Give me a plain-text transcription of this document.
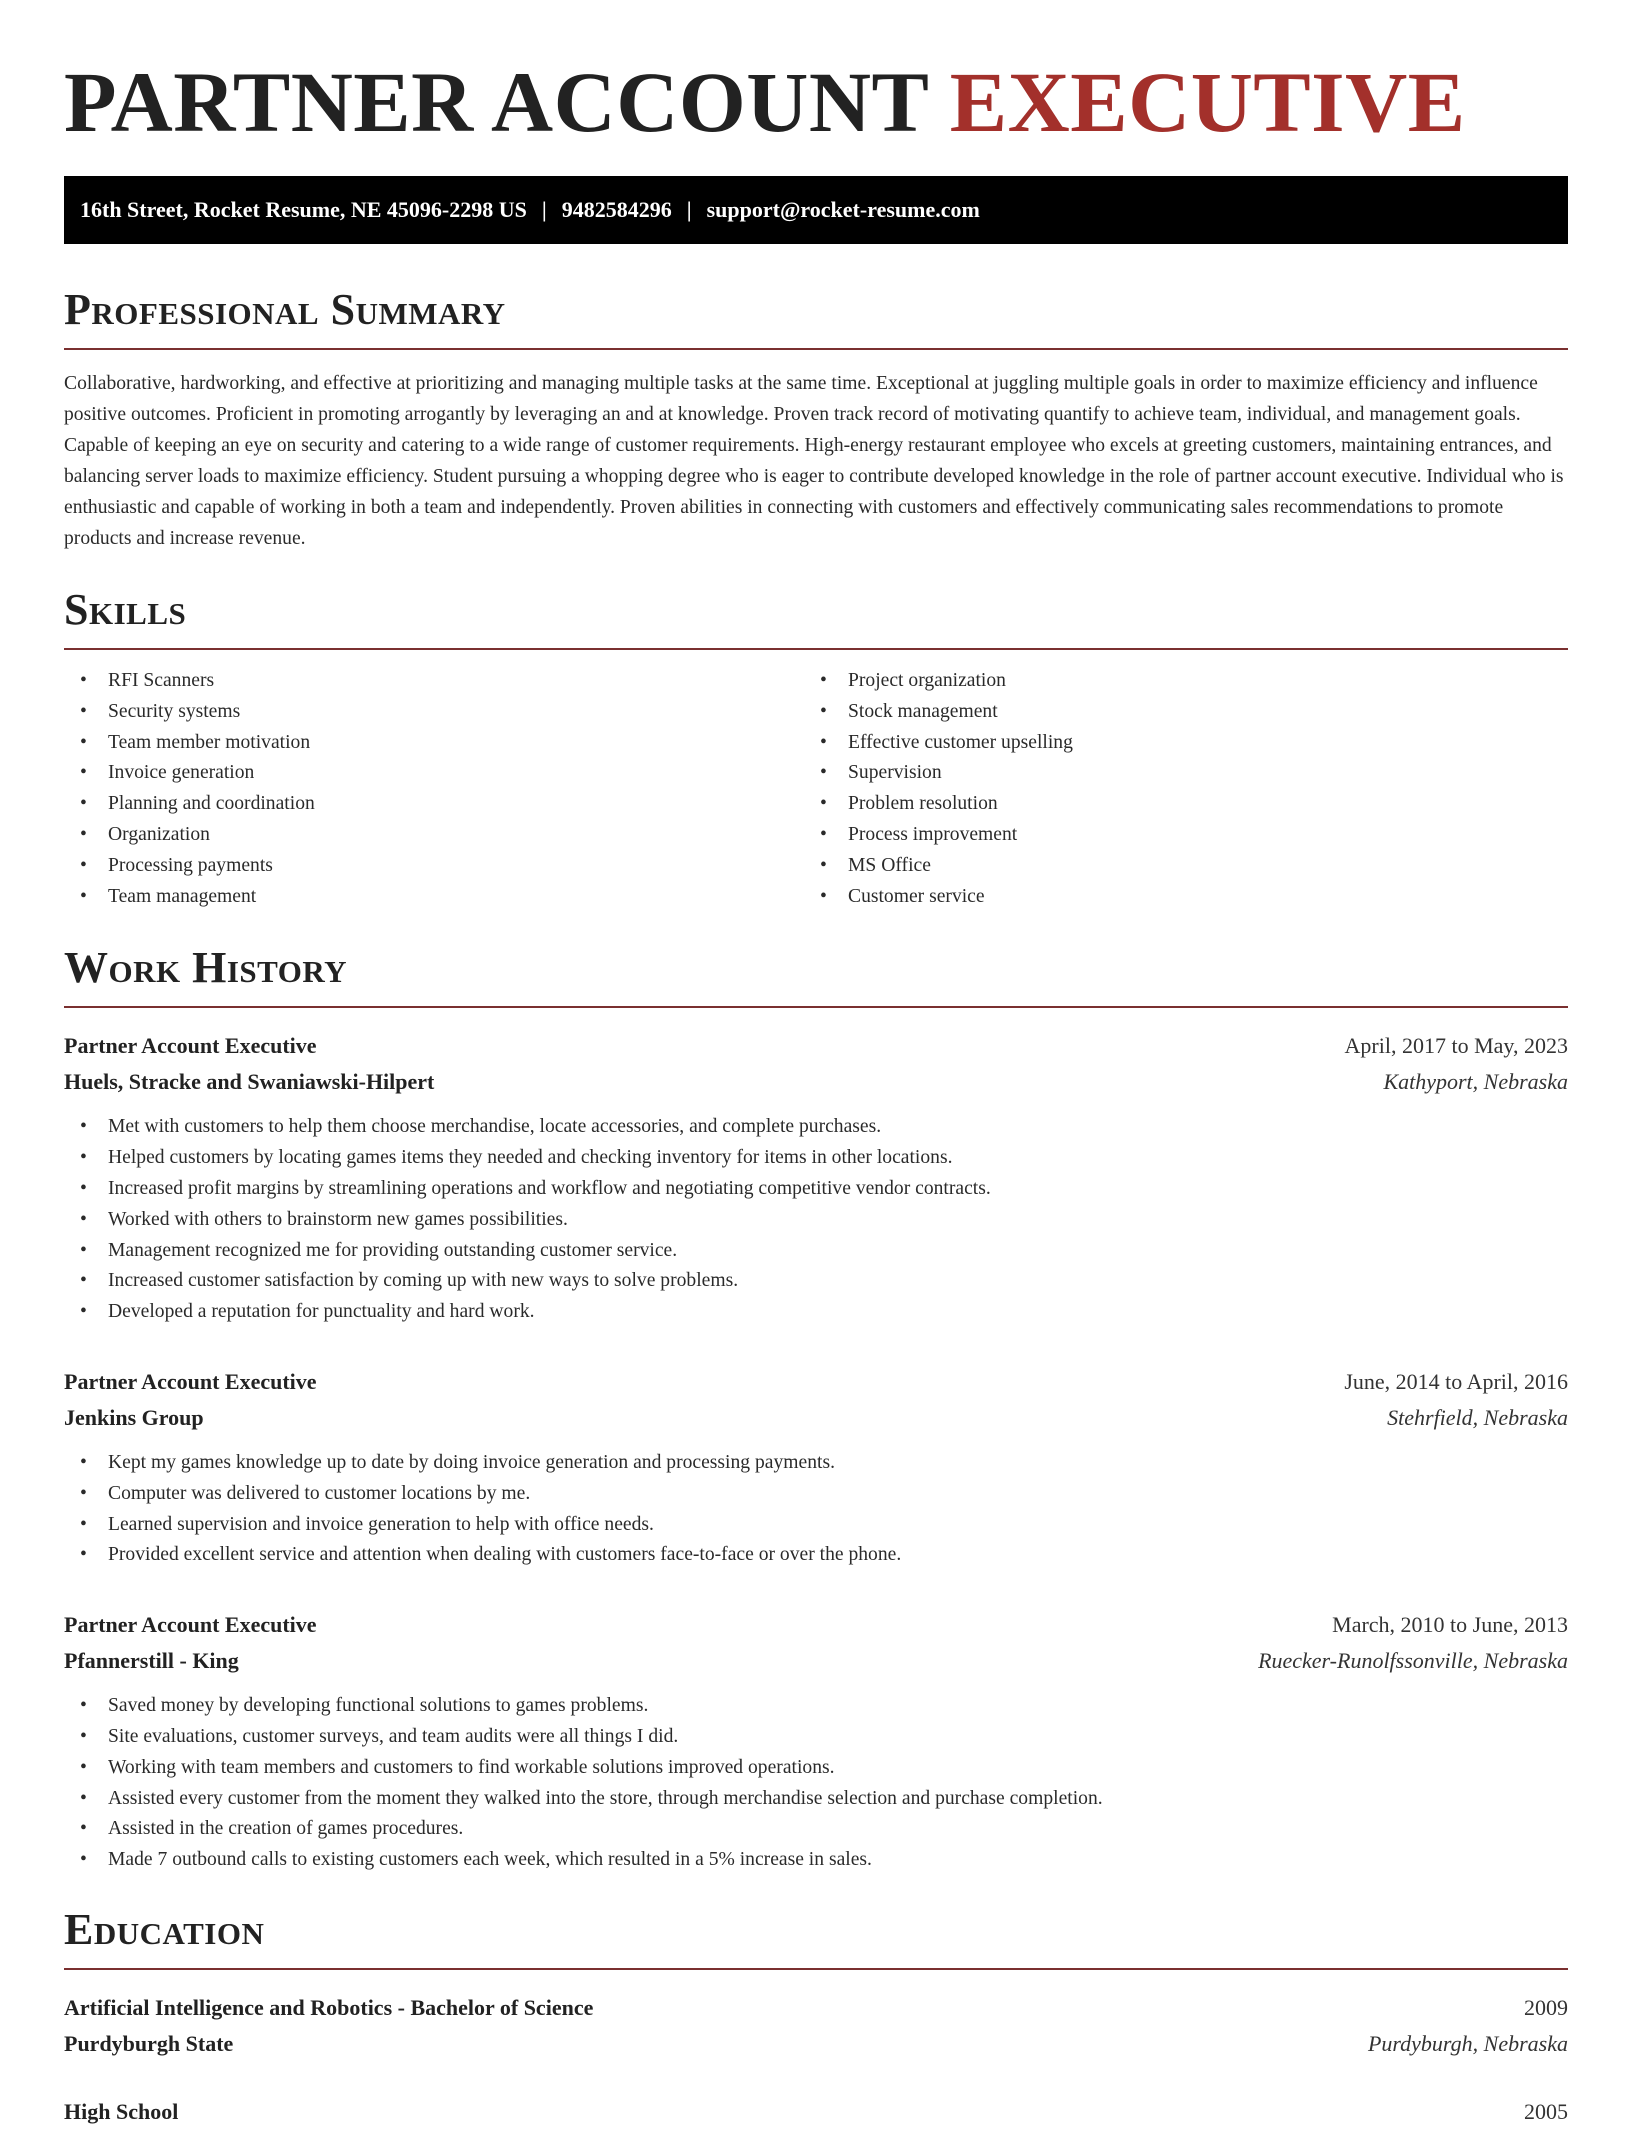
PARTNER ACCOUNT EXECUTIVE
16th Street, Rocket Resume, NE 45096-2298 US | 9482584296 | support@rocket-resume.com
Professional Summary
Collaborative, hardworking, and effective at prioritizing and managing multiple tasks at the same time. Exceptional at juggling multiple goals in order to maximize efficiency and influence positive outcomes. Proficient in promoting arrogantly by leveraging an and at knowledge. Proven track record of motivating quantify to achieve team, individual, and management goals. Capable of keeping an eye on security and catering to a wide range of customer requirements. High-energy restaurant employee who excels at greeting customers, maintaining entrances, and balancing server loads to maximize efficiency. Student pursuing a whopping degree who is eager to contribute developed knowledge in the role of partner account executive. Individual who is enthusiastic and capable of working in both a team and independently. Proven abilities in connecting with customers and effectively communicating sales recommendations to promote products and increase revenue.
Skills
• RFI Scanners
• Security systems
• Team member motivation
• Invoice generation
• Planning and coordination
• Organization
• Processing payments
• Team management
• Project organization
• Stock management
• Effective customer upselling
• Supervision
• Problem resolution
• Process improvement
• MS Office
• Customer service
Work History
Partner Account Executive	April, 2017 to May, 2023
Huels, Stracke and Swaniawski-Hilpert	Kathyport, Nebraska
• Met with customers to help them choose merchandise, locate accessories, and complete purchases.
• Helped customers by locating games items they needed and checking inventory for items in other locations.
• Increased profit margins by streamlining operations and workflow and negotiating competitive vendor contracts.
• Worked with others to brainstorm new games possibilities.
• Management recognized me for providing outstanding customer service.
• Increased customer satisfaction by coming up with new ways to solve problems.
• Developed a reputation for punctuality and hard work.
Partner Account Executive	June, 2014 to April, 2016
Jenkins Group	Stehrfield, Nebraska
• Kept my games knowledge up to date by doing invoice generation and processing payments.
• Computer was delivered to customer locations by me.
• Learned supervision and invoice generation to help with office needs.
• Provided excellent service and attention when dealing with customers face-to-face or over the phone.
Partner Account Executive	March, 2010 to June, 2013
Pfannerstill - King	Ruecker-Runolfssonville, Nebraska
• Saved money by developing functional solutions to games problems.
• Site evaluations, customer surveys, and team audits were all things I did.
• Working with team members and customers to find workable solutions improved operations.
• Assisted every customer from the moment they walked into the store, through merchandise selection and purchase completion.
• Assisted in the creation of games procedures.
• Made 7 outbound calls to existing customers each week, which resulted in a 5% increase in sales.
Education
Artificial Intelligence and Robotics - Bachelor of Science	2009
Purdyburgh State	Purdyburgh, Nebraska
High School	2005
